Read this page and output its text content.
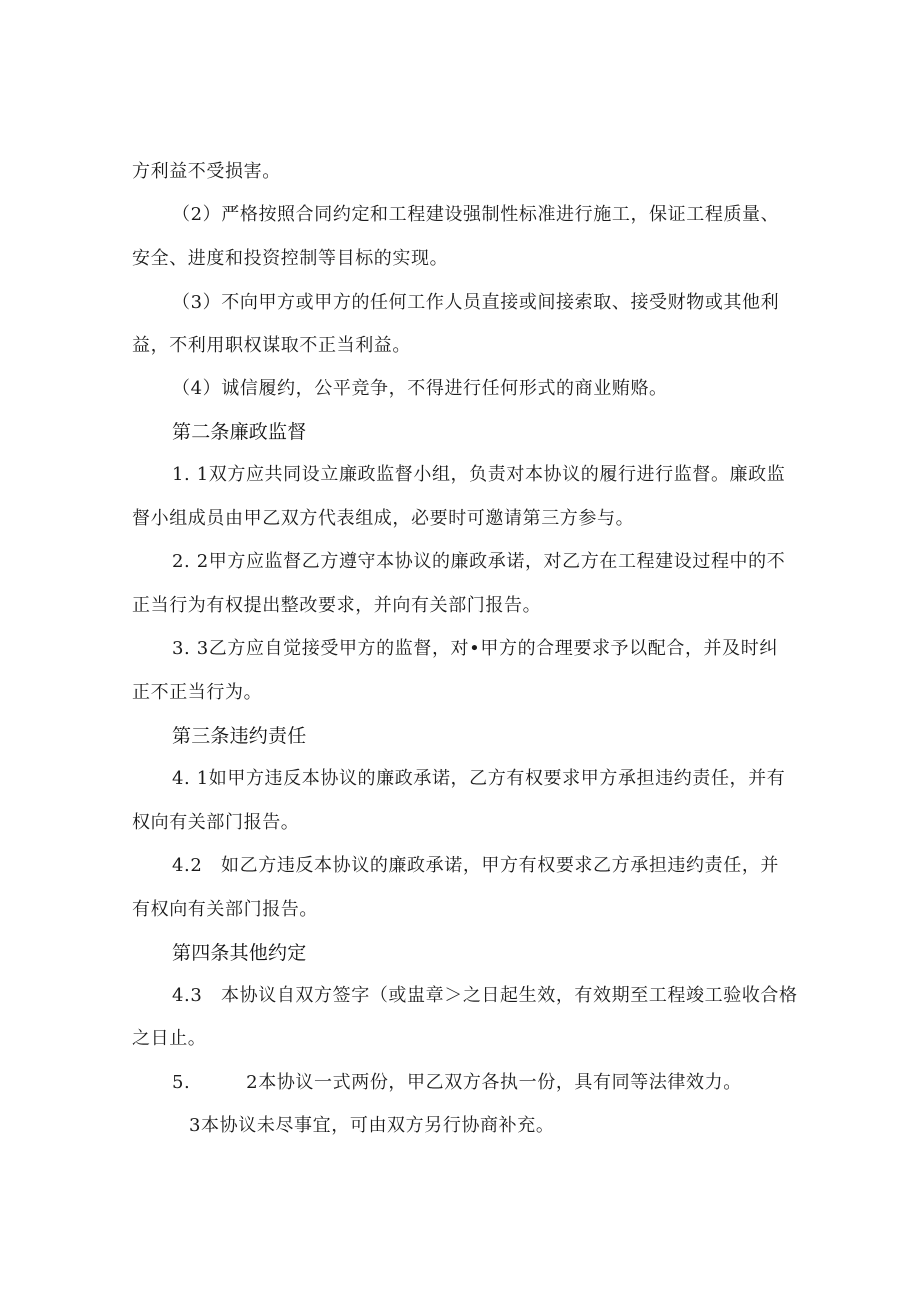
方利益不受损害。
（2）严格按照合同约定和工程建设强制性标准进行施工，保证工程质量、
安全、进度和投资控制等目标的实现。
（3）不向甲方或甲方的任何工作人员直接或间接索取、接受财物或其他利
益，不利用职权谋取不正当利益。
（4）诚信履约，公平竞争，不得进行任何形式的商业贿赂。
第二条廉政监督
1. 1双方应共同设立廉政监督小组，负责对本协议的履行进行监督。廉政监
督小组成员由甲乙双方代表组成，必要时可邀请第三方参与。
2. 2甲方应监督乙方遵守本协议的廉政承诺，对乙方在工程建设过程中的不
正当行为有权提出整改要求，并向有关部门报告。
3. 3乙方应自觉接受甲方的监督，对•甲方的合理要求予以配合，并及时纠
正不正当行为。
第三条违约责任
4. 1如甲方违反本协议的廉政承诺，乙方有权要求甲方承担违约责任，并有
权向有关部门报告。
4.2　如乙方违反本协议的廉政承诺，甲方有权要求乙方承担违约责任，并
有权向有关部门报告。
第四条其他约定
4.3　本协议自双方签字（或盅章＞之日起生效，有效期至工程竣工验收合格
之日止。
5.　　　2本协议一式两份，甲乙双方各执一份，具有同等法律效力。
3本协议未尽事宜，可由双方另行协商补充。
